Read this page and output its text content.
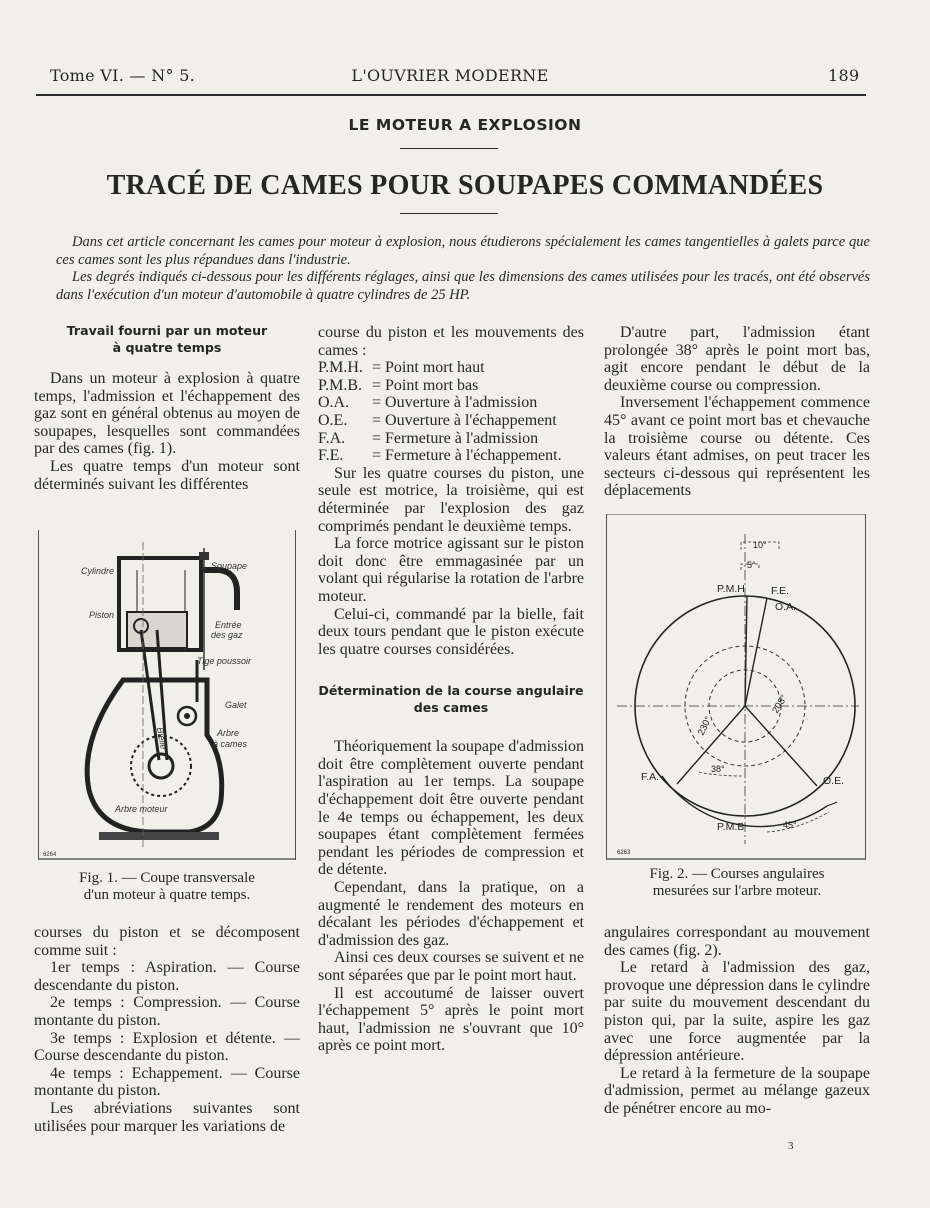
Tome VI. — N° 5.	L'OUVRIER MODERNE	189
LE MOTEUR A EXPLOSION
TRACÉ DE CAMES POUR SOUPAPES COMMANDÉES

Dans cet article concernant les cames pour moteur à explosion, nous étudierons spécialement les cames tangentielles à galets parce que ces cames sont les plus répandues dans l'industrie.

Les degrés indiqués ci-dessous pour les différents réglages, ainsi que les dimensions des cames utilisées pour les tracés, ont été observés dans l'exécution d'un moteur d'automobile à quatre cylindres de 25 HP.

Travail fourni par un moteur
à quatre temps

Dans un moteur à explosion à quatre temps, l'admission et l'échappement des gaz sont en général obtenus au moyen de soupapes, lesquelles sont commandées par des cames (fig. 1).

Les quatre temps d'un moteur sont déterminés suivant les différentes

Cylindre	Soupape
Piston
Entrée
des gaz
Tige poussoir
Galet
Bielle	Arbre
à cames
Arbre moteur
6264
Fig. 1. — Coupe transversale
d'un moteur à quatre temps.

courses du piston et se décomposent comme suit :

1er temps : Aspiration. — Course descendante du piston.

2e temps : Compression. — Course montante du piston.

3e temps : Explosion et détente. — Course descendante du piston.

4e temps : Echappement. — Course montante du piston.

Les abréviations suivantes sont utilisées pour marquer les variations de

course du piston et les mouvements des cames :

P.M.H.	= Point mort haut
P.M.B.	= Point mort bas
O.A.	= Ouverture à l'admission
O.E.	= Ouverture à l'échappement
F.A.	= Fermeture à l'admission
F.E.	= Fermeture à l'échappement.

Sur les quatre courses du piston, une seule est motrice, la troisième, qui est déterminée par l'explosion des gaz comprimés pendant le deuxième temps.

La force motrice agissant sur le piston doit donc être emmagasinée par un volant qui régularise la rotation de l'arbre moteur.

Celui-ci, commandé par la bielle, fait deux tours pendant que le piston exécute les quatre courses considérées.

Détermination de la course angulaire
des cames

Théoriquement la soupape d'admission doit être complètement ouverte pendant l'aspiration au 1er temps. La soupape d'échappement doit être ouverte pendant le 4e temps ou échappement, les deux soupapes étant complètement fermées pendant les périodes de compression et de détente.

Cependant, dans la pratique, on a augmenté le rendement des moteurs en décalant les périodes d'échappement et d'admission des gaz.

Ainsi ces deux courses se suivent et ne sont séparées que par le point mort haut.

Il est accoutumé de laisser ouvert l'échappement 5° après le point mort haut, l'admission ne s'ouvrant que 10° après ce point mort.

D'autre part, l'admission étant prolongée 38° après le point mort bas, agit encore pendant le début de la deuxième course ou compression.

Inversement l'échappement commence 45° avant ce point mort bas et chevauche la troisième course ou détente. Ces valeurs étant admises, on peut tracer les secteurs ci-dessous qui représentent les déplacements

10°
5°
P.M.H F.E.
O.A.
230°
208°
F.A.	O.E.
38°
P.M.B	45°
6263
Fig. 2. — Courses angulaires
mesurées sur l'arbre moteur.

angulaires correspondant au mouvement des cames (fig. 2).

Le retard à l'admission des gaz, provoque une dépression dans le cylindre par suite du mouvement descendant du piston qui, par la suite, aspire les gaz avec une force augmentée par la dépression antérieure.

Le retard à la fermeture de la soupape d'admission, permet au mélange gazeux de pénétrer encore au mo-

3
